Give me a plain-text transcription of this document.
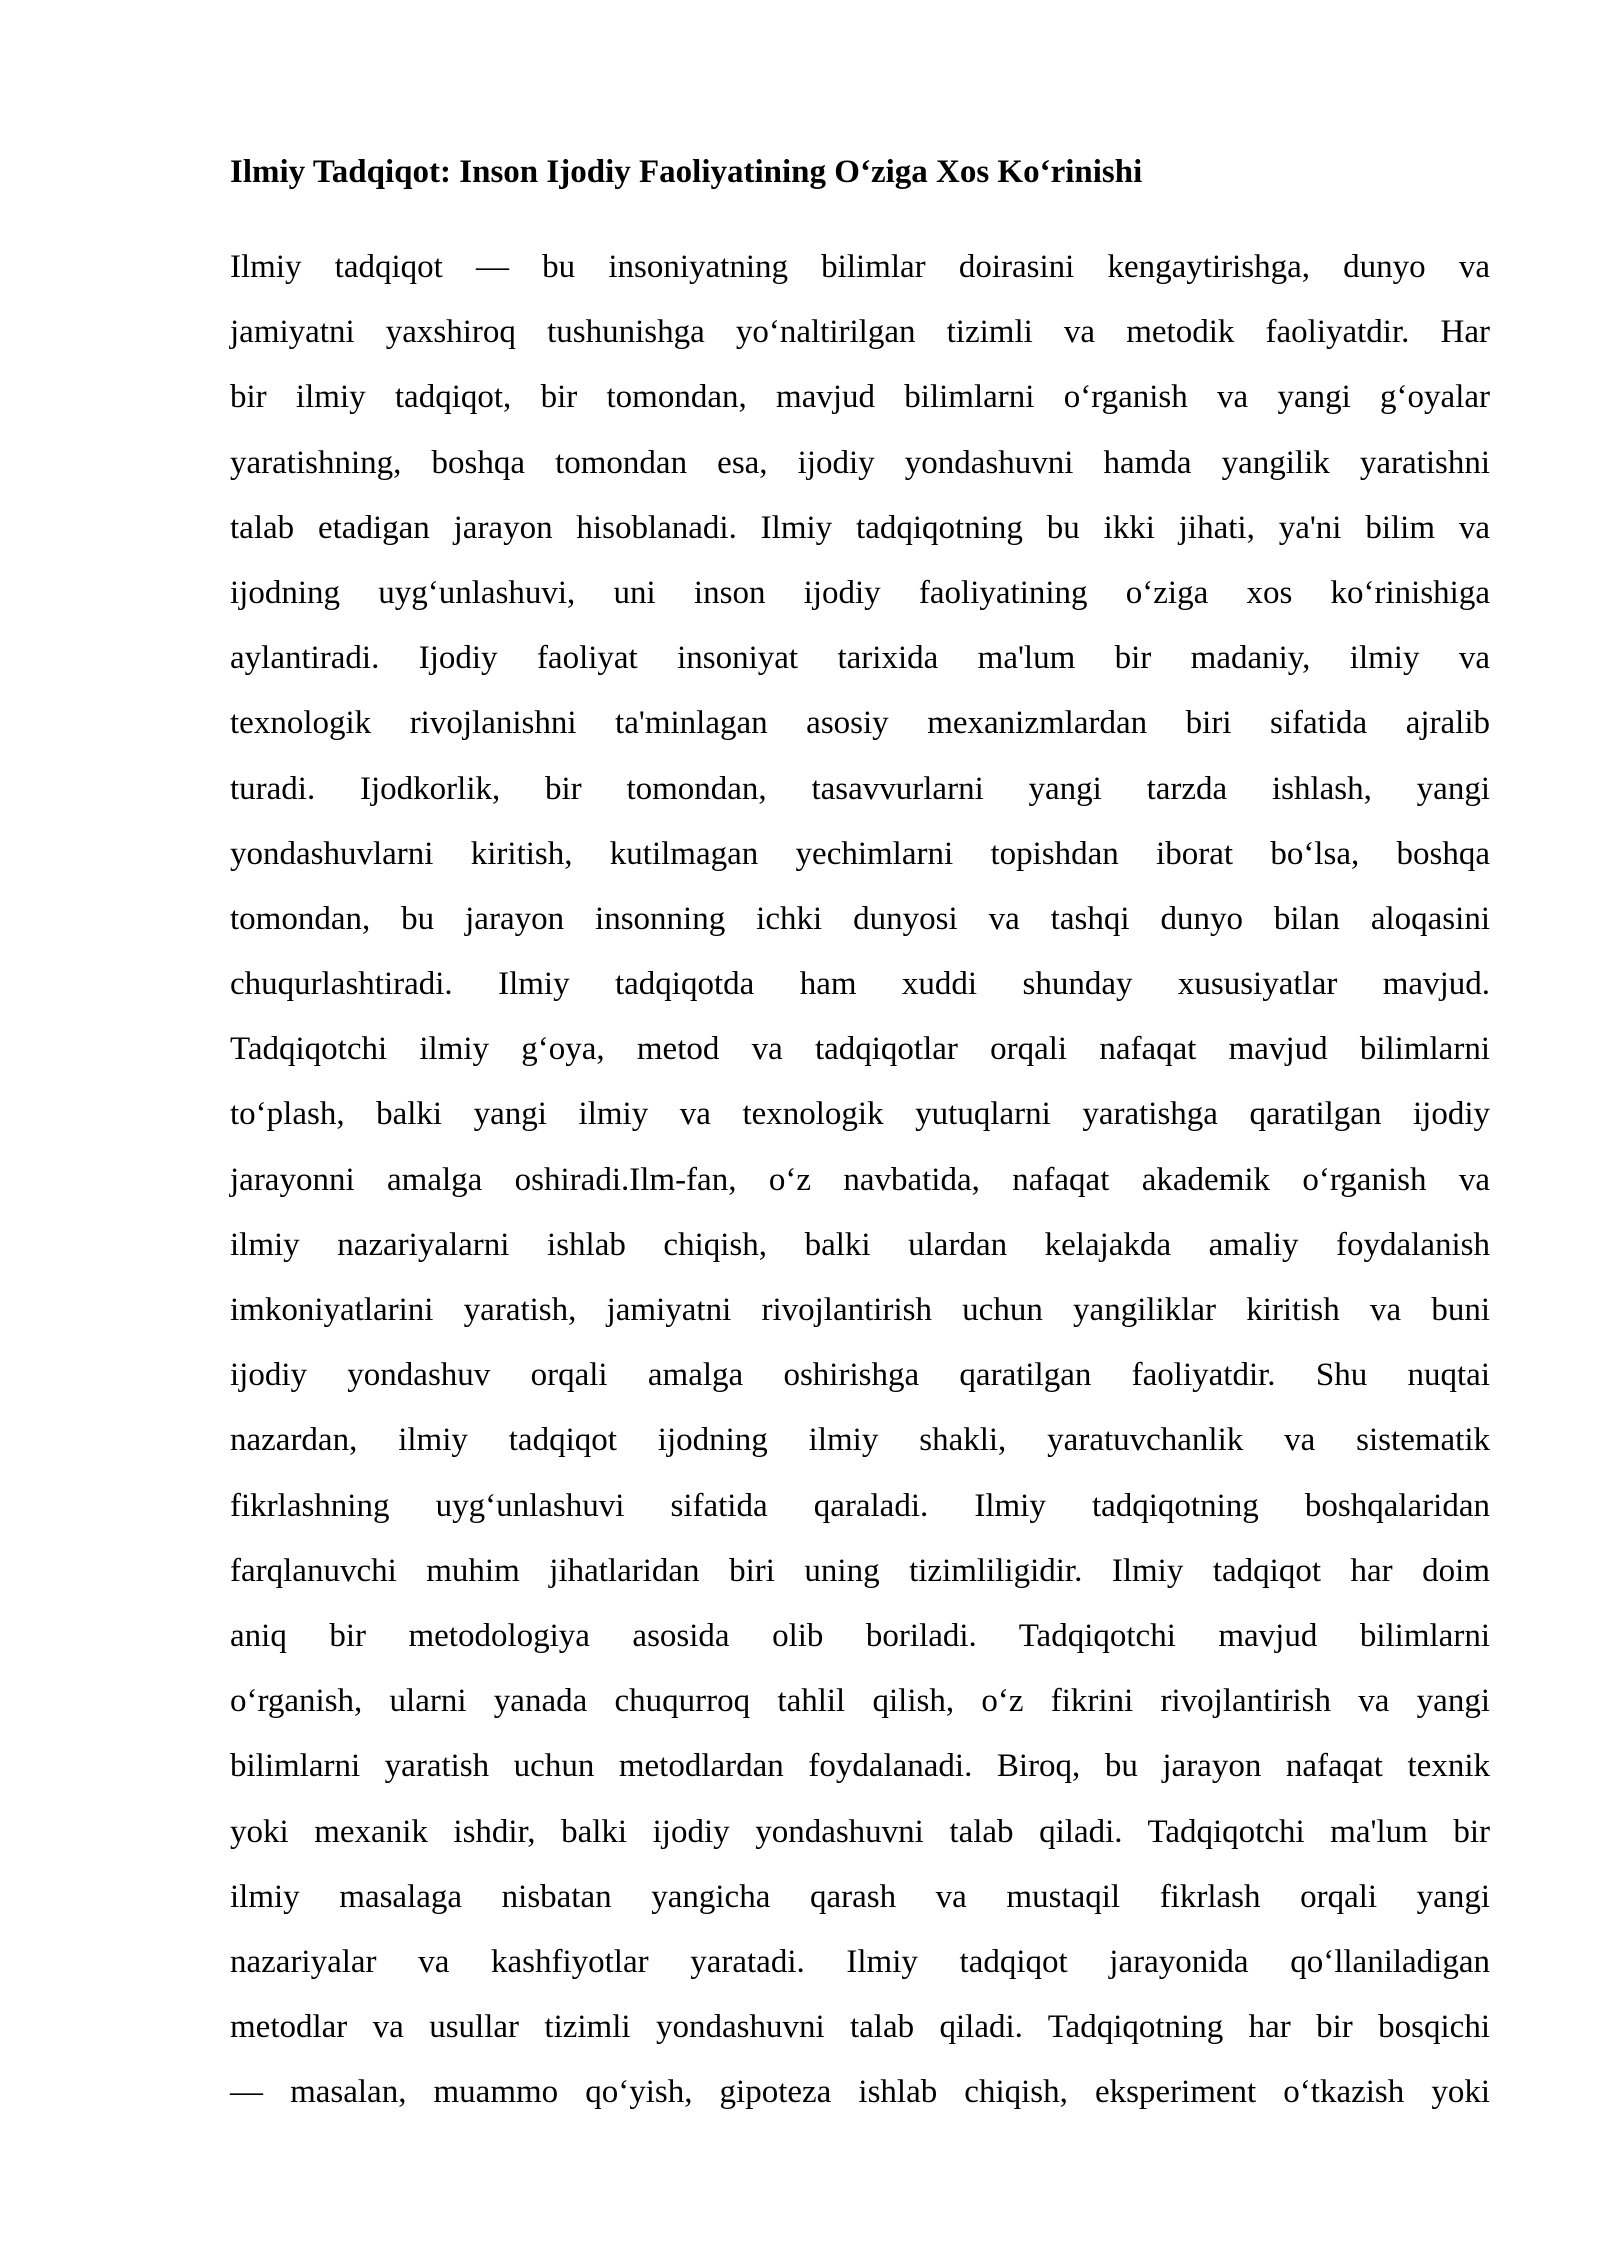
Ilmiy Tadqiqot: Inson Ijodiy Faoliyatining O‘ziga Xos Ko‘rinishi
Ilmiy tadqiqot — bu insoniyatning bilimlar doirasini kengaytirishga, dunyo va
jamiyatni yaxshiroq tushunishga yo‘naltirilgan tizimli va metodik faoliyatdir. Har
bir ilmiy tadqiqot, bir tomondan, mavjud bilimlarni o‘rganish va yangi g‘oyalar
yaratishning, boshqa tomondan esa, ijodiy yondashuvni hamda yangilik yaratishni
talab etadigan jarayon hisoblanadi. Ilmiy tadqiqotning bu ikki jihati, ya'ni bilim va
ijodning uyg‘unlashuvi, uni inson ijodiy faoliyatining o‘ziga xos ko‘rinishiga
aylantiradi. Ijodiy faoliyat insoniyat tarixida ma'lum bir madaniy, ilmiy va
texnologik rivojlanishni ta'minlagan asosiy mexanizmlardan biri sifatida ajralib
turadi. Ijodkorlik, bir tomondan, tasavvurlarni yangi tarzda ishlash, yangi
yondashuvlarni kiritish, kutilmagan yechimlarni topishdan iborat bo‘lsa, boshqa
tomondan, bu jarayon insonning ichki dunyosi va tashqi dunyo bilan aloqasini
chuqurlashtiradi. Ilmiy tadqiqotda ham xuddi shunday xususiyatlar mavjud.
Tadqiqotchi ilmiy g‘oya, metod va tadqiqotlar orqali nafaqat mavjud bilimlarni
to‘plash, balki yangi ilmiy va texnologik yutuqlarni yaratishga qaratilgan ijodiy
jarayonni amalga oshiradi.Ilm-fan, o‘z navbatida, nafaqat akademik o‘rganish va
ilmiy nazariyalarni ishlab chiqish, balki ulardan kelajakda amaliy foydalanish
imkoniyatlarini yaratish, jamiyatni rivojlantirish uchun yangiliklar kiritish va buni
ijodiy yondashuv orqali amalga oshirishga qaratilgan faoliyatdir. Shu nuqtai
nazardan, ilmiy tadqiqot ijodning ilmiy shakli, yaratuvchanlik va sistematik
fikrlashning uyg‘unlashuvi sifatida qaraladi. Ilmiy tadqiqotning boshqalaridan
farqlanuvchi muhim jihatlaridan biri uning tizimliligidir. Ilmiy tadqiqot har doim
aniq bir metodologiya asosida olib boriladi. Tadqiqotchi mavjud bilimlarni
o‘rganish, ularni yanada chuqurroq tahlil qilish, o‘z fikrini rivojlantirish va yangi
bilimlarni yaratish uchun metodlardan foydalanadi. Biroq, bu jarayon nafaqat texnik
yoki mexanik ishdir, balki ijodiy yondashuvni talab qiladi. Tadqiqotchi ma'lum bir
ilmiy masalaga nisbatan yangicha qarash va mustaqil fikrlash orqali yangi
nazariyalar va kashfiyotlar yaratadi. Ilmiy tadqiqot jarayonida qo‘llaniladigan
metodlar va usullar tizimli yondashuvni talab qiladi. Tadqiqotning har bir bosqichi
— masalan, muammo qo‘yish, gipoteza ishlab chiqish, eksperiment o‘tkazish yoki
